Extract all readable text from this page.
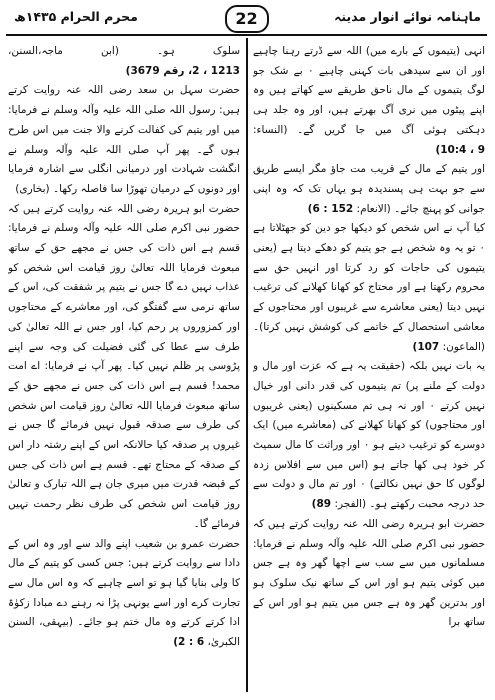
ماہنامہ نوائے انوار مدینہ
22
محرم الحرام ۱۴۳۵ھ

انہی (یتیموں کے بارے میں) اللہ سے ڈرتے رہنا چاہیے اور ان سے سیدھی بات کہنی چاہیے ۰ بے شک جو لوگ یتیموں کے مال ناحق طریقے سے کھاتے ہیں وہ اپنے پیٹوں میں نری آگ بھرتے ہیں، اور وہ جلد ہی دہکتی ہوئی آگ میں جا گریں گے۔ (النساء: 9 ، 10:4)

اور یتیم کے مال کے قریب مت جاؤ مگر ایسے طریق سے جو بہت ہی پسندیدہ ہو یہاں تک کہ وہ اپنی جوانی کو پہنچ جائے۔ (الانعام: 152 : 6)

کیا آپ نے اس شخص کو دیکھا جو دین کو جھٹلاتا ہے ۰ تو یہ وہ شخص ہے جو یتیم کو دھکے دیتا ہے (یعنی یتیموں کی حاجات کو رد کرتا اور انہیں حق سے محروم رکھتا ہے اور محتاج کو کھانا کھلانے کی ترغیب نہیں دیتا (یعنی معاشرے سے غریبوں اور محتاجوں کے معاشی استحصال کے خاتمے کی کوشش نہیں کرتا)۔ (الماعون: 107)

یہ بات نہیں بلکہ (حقیقت یہ ہے کہ عزت اور مال و دولت کے ملنے پر) تم یتیموں کی قدر دانی اور خیال نہیں کرتے ۰ اور نہ ہی تم مسکینوں (یعنی غریبوں اور محتاجوں) کو کھانا کھلانے کی (معاشرے میں) ایک دوسرے کو ترغیب دیتے ہو ۰ اور وراثت کا مال سمیٹ کر خود ہی کھا جاتے ہو (اس میں سے افلاس زدہ لوگوں کا حق نہیں نکالتے) ۰ اور تم مال و دولت سے حد درجہ محبت رکھتے ہو۔ (الفجر: 89)

حضرت ابو ہریرہ رضی اللہ عنہ روایت کرتے ہیں کہ حضور نبی اکرم صلی اللہ علیہ وآلہ وسلم نے فرمایا: مسلمانوں میں سے سب سے اچھا گھر وہ ہے جس میں کوئی یتیم ہو اور اس کے ساتھ نیک سلوک ہو اور بدترین گھر وہ ہے جس میں یتیم ہو اور اس کے ساتھ برا

سلوک ہو۔ (ابن ماجہ،السنن، 1213 ، 2، رقم 3679)

حضرت سہل بن سعد رضی اللہ عنہ روایت کرتے ہیں: رسول اللہ صلی اللہ علیہ وآلہ وسلم نے فرمایا: میں اور یتیم کی کفالت کرنے والا جنت میں اس طرح ہوں گے۔ پھر آپ صلی اللہ علیہ وآلہ وسلم نے انگشت شہادت اور درمیانی انگلی سے اشارہ فرمایا اور دونوں کے درمیان تھوڑا سا فاصلہ رکھا۔ (بخاری)

حضرت ابو ہریرہ رضی اللہ عنہ روایت کرتے ہیں کہ حضور نبی اکرم صلی اللہ علیہ وآلہ وسلم نے فرمایا: قسم ہے اس ذات کی جس نے مجھے حق کے ساتھ مبعوث فرمایا اللہ تعالیٰ روز قیامت اس شخص کو عذاب نہیں دے گا جس نے یتیم پر شفقت کی، اس کے ساتھ نرمی سے گفتگو کی، اور معاشرے کے محتاجوں اور کمزوروں پر رحم کیا، اور جس نے اللہ تعالیٰ کی طرف سے عطا کی گئی فضیلت کی وجہ سے اپنے پڑوسی پر ظلم نہیں کیا۔ پھر آپ نے فرمایا: اے امت محمد! قسم ہے اس ذات کی جس نے مجھے حق کے ساتھ مبعوث فرمایا اللہ تعالیٰ روز قیامت اس شخص کی طرف سے صدقہ قبول نہیں فرمائے گا جس نے غیروں پر صدقہ کیا حالانکہ اس کے اپنے رشتہ دار اس کے صدقہ کے محتاج تھے۔ قسم ہے اس ذات کی جس کے قبضہ قدرت میں میری جان ہے اللہ تبارک و تعالیٰ روز قیامت اس شخص کی طرف نظر رحمت نہیں فرمائے گا۔

حضرت عمرو بن شعیب اپنے والد سے اور وہ اس کے دادا سے روایت کرتے ہیں: جس کسی کو یتیم کے مال کا ولی بنایا گیا ہو تو اسے چاہیے کہ وہ اس مال سے تجارت کرے اور اسے یونہی پڑا نہ رہنے دے مبادا زکوٰۃ ادا کرتے کرتے وہ مال ختم ہو جائے۔ (بیہقی، السنن الکبریٰ، 6 : 2)
